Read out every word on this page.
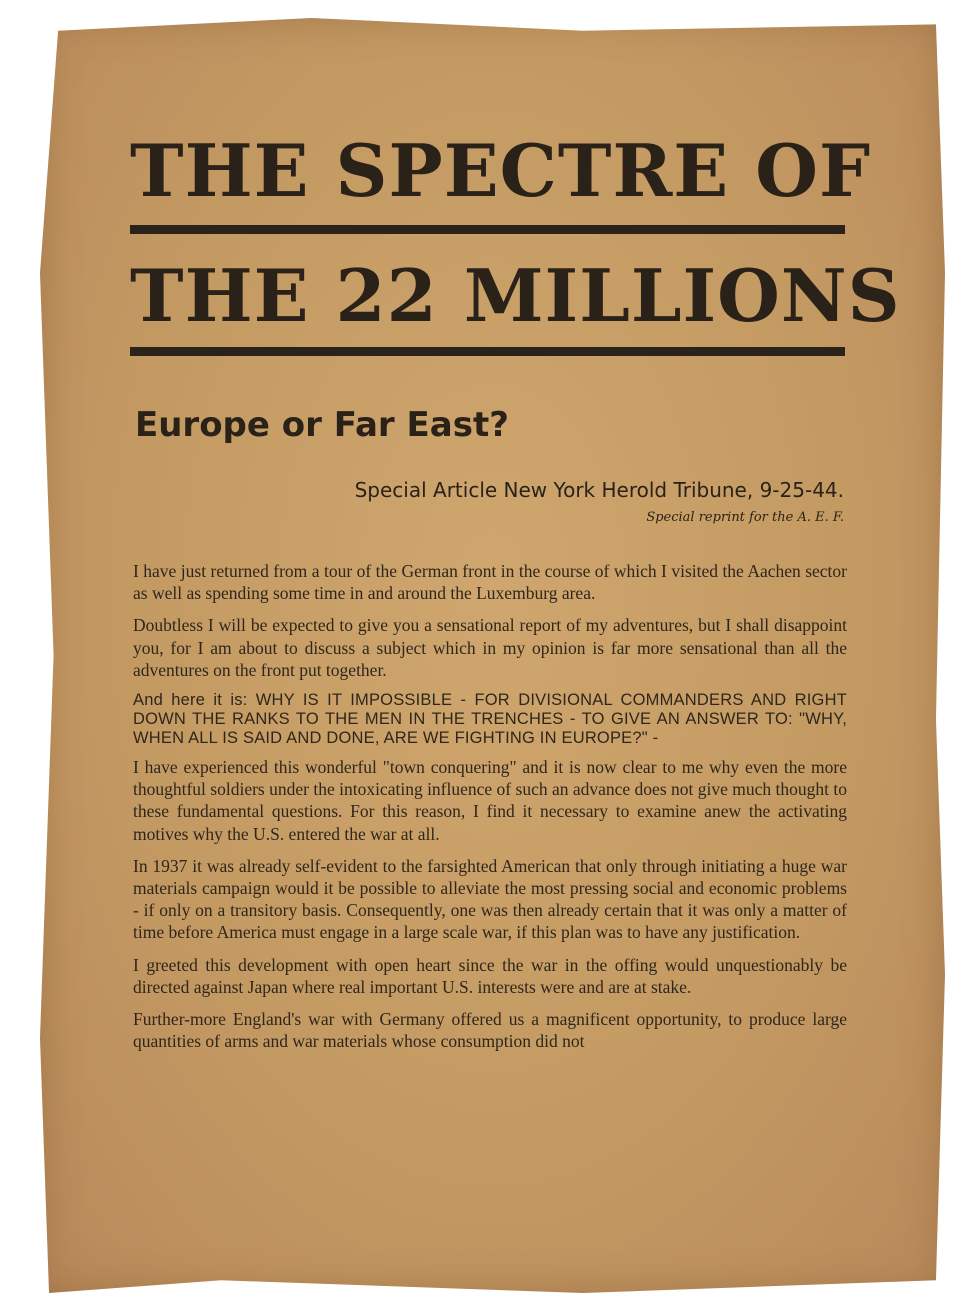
THE SPECTRE OF
THE 22 MILLIONS
Europe or Far East?

Special Article New York Herold Tribune, 9-25-44.

Special reprint for the A. E. F.

I have just returned from a tour of the German front in the course of which I visited the Aachen sector as well as spending some time in and around the Luxemburg area.

Doubtless I will be expected to give you a sensational report of my adventures, but I shall disappoint you, for I am about to discuss a subject which in my opinion is far more sensational than all the adventures on the front put together.

And here it is: WHY IS IT IMPOSSIBLE - FOR DIVISIONAL COMMANDERS AND RIGHT DOWN THE RANKS TO THE MEN IN THE TRENCHES - TO GIVE AN ANSWER TO: "WHY, WHEN ALL IS SAID AND DONE, ARE WE FIGHTING IN EUROPE?" -

I have experienced this wonderful "town conquering" and it is now clear to me why even the more thoughtful soldiers under the intoxicating influence of such an advance does not give much thought to these fundamental questions. For this reason, I find it necessary to examine anew the activating motives why the U.S. entered the war at all.

In 1937 it was already self-evident to the farsighted American that only through initiating a huge war materials campaign would it be possible to alleviate the most pressing social and economic problems - if only on a transitory basis. Consequently, one was then already certain that it was only a matter of time before America must engage in a large scale war, if this plan was to have any justification.

I greeted this development with open heart since the war in the offing would unquestionably be directed against Japan where real important U.S. interests were and are at stake.

Further-more England's war with Germany offered us a magnificent opportunity, to produce large quantities of arms and war materials whose consumption did not
